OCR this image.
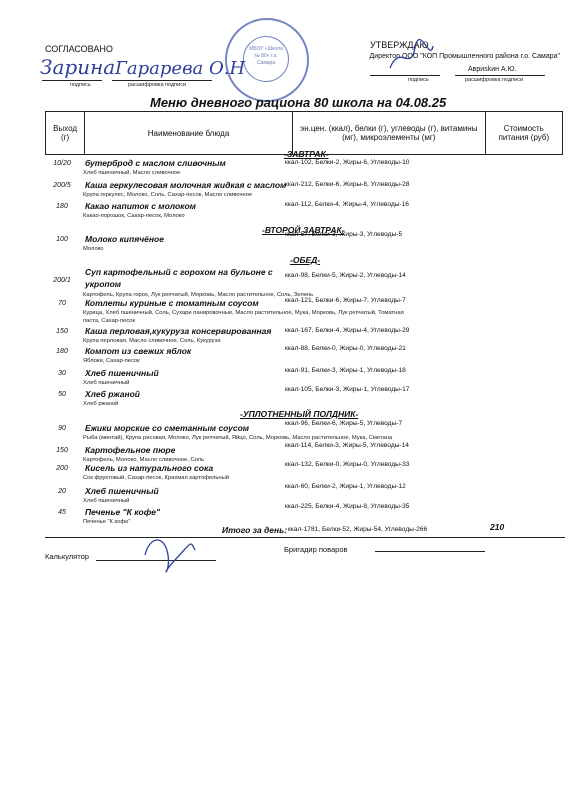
СОГЛАСОВАНО
подпись	расшифровка подписи
Зарина Гарарева О.Н
УТВЕРЖДАЮ
Директор ООО "КОП Промышленного района г.о. Самара"
подпись
Авриskин А.Ю.
расшифровка подписи
МБОУ «Школа № 80» г.о. Самара
Меню дневного рациона 80 школа на 04.08.25
Выход (г)	Наименование блюда	эн.цен. (ккал), белки (г), углеводы (г), витамины (мг), микроэлементы (мг)	Стоимость питания (руб)
-ЗАВТРАК-
-ВТОРОЙ ЗАВТРАК-
-ОБЕД-
-УПЛОТНЕННЫЙ ПОЛДНИК-
10/20	бутерброд с маслом сливочным
Хлеб пшеничный, Масло сливочное
ккал-102, Белки-2, Жиры-6, Углеводы-10
200/5	Каша геркулесовая молочная жидкая с маслом
Крупа геркулес, Молоко, Соль, Сахар-песок, Масло сливочное
ккал-212, Белки-6, Жиры-8, Углеводы-28
180	Какао напиток с молоком
Какао-порошок, Сахар-песок, Молоко
ккал-112, Белки-4, Жиры-4, Углеводы-16
100	Молоко кипячёное
Молоко
ккал-57, Белки-3, Жиры-3, Углеводы-5
200/1
Суп картофельный с горохом на бульоне с
укропом
Картофель, Крупа горох, Лук репчатый, Морковь, Масло растительное, Соль, Зелень
ккал-98, Белки-5, Жиры-2, Углеводы-14
70	Котлеты куриные с томатным соусом
Курица, Хлеб пшеничный, Соль, Сухари панировочные, Масло растительное, Мука, Морковь, Лук репчатый, Томатная
паста, Сахар-песок
ккал-121, Белки-6, Жиры-7, Углеводы-7
150	Каша перловая,кукуруза консервированная
Крупа перловая, Масло сливочное, Соль, Кукуруза
ккал-167, Белки-4, Жиры-4, Углеводы-29
180	Компот из свежих яблок
Яблоки, Сахар-песок
ккал-88, Белки-0, Жиры-0, Углеводы-21
30	Хлеб пшеничный
Хлеб пшеничный
ккал-91, Белки-3, Жиры-1, Углеводы-18
50	Хлеб ржаной
Хлеб ржаной
ккал-105, Белки-3, Жиры-1, Углеводы-17
90	Ежики морские со сметанным соусом
Рыба (минтай), Крупа рисовая, Молоко, Лук репчатый, Яйцо, Соль, Морковь, Масло растительное, Мука, Сметана
ккал-96, Белки-6, Жиры-5, Углеводы-7
150	Картофельное пюре
Картофель, Молоко, Масло сливочное, Соль
ккал-114, Белки-3, Жиры-5, Углеводы-14
200	Кисель из натурального сока
Сок фруктовый, Сахар-песок, Крахмал картофельный
ккал-132, Белки-0, Жиры-0, Углеводы-33
20	Хлеб пшеничный
Хлеб пшеничный
ккал-60, Белки-2, Жиры-1, Углеводы-12
45	Печенье "К кофе"
Печенье "К кофе"
ккал-225, Белки-4, Жиры-8, Углеводы-35
Итого за день: ккал-1781, Белки-52, Жиры-54, Углеводы-266	210
Калькулятор
Бригадир поваров
